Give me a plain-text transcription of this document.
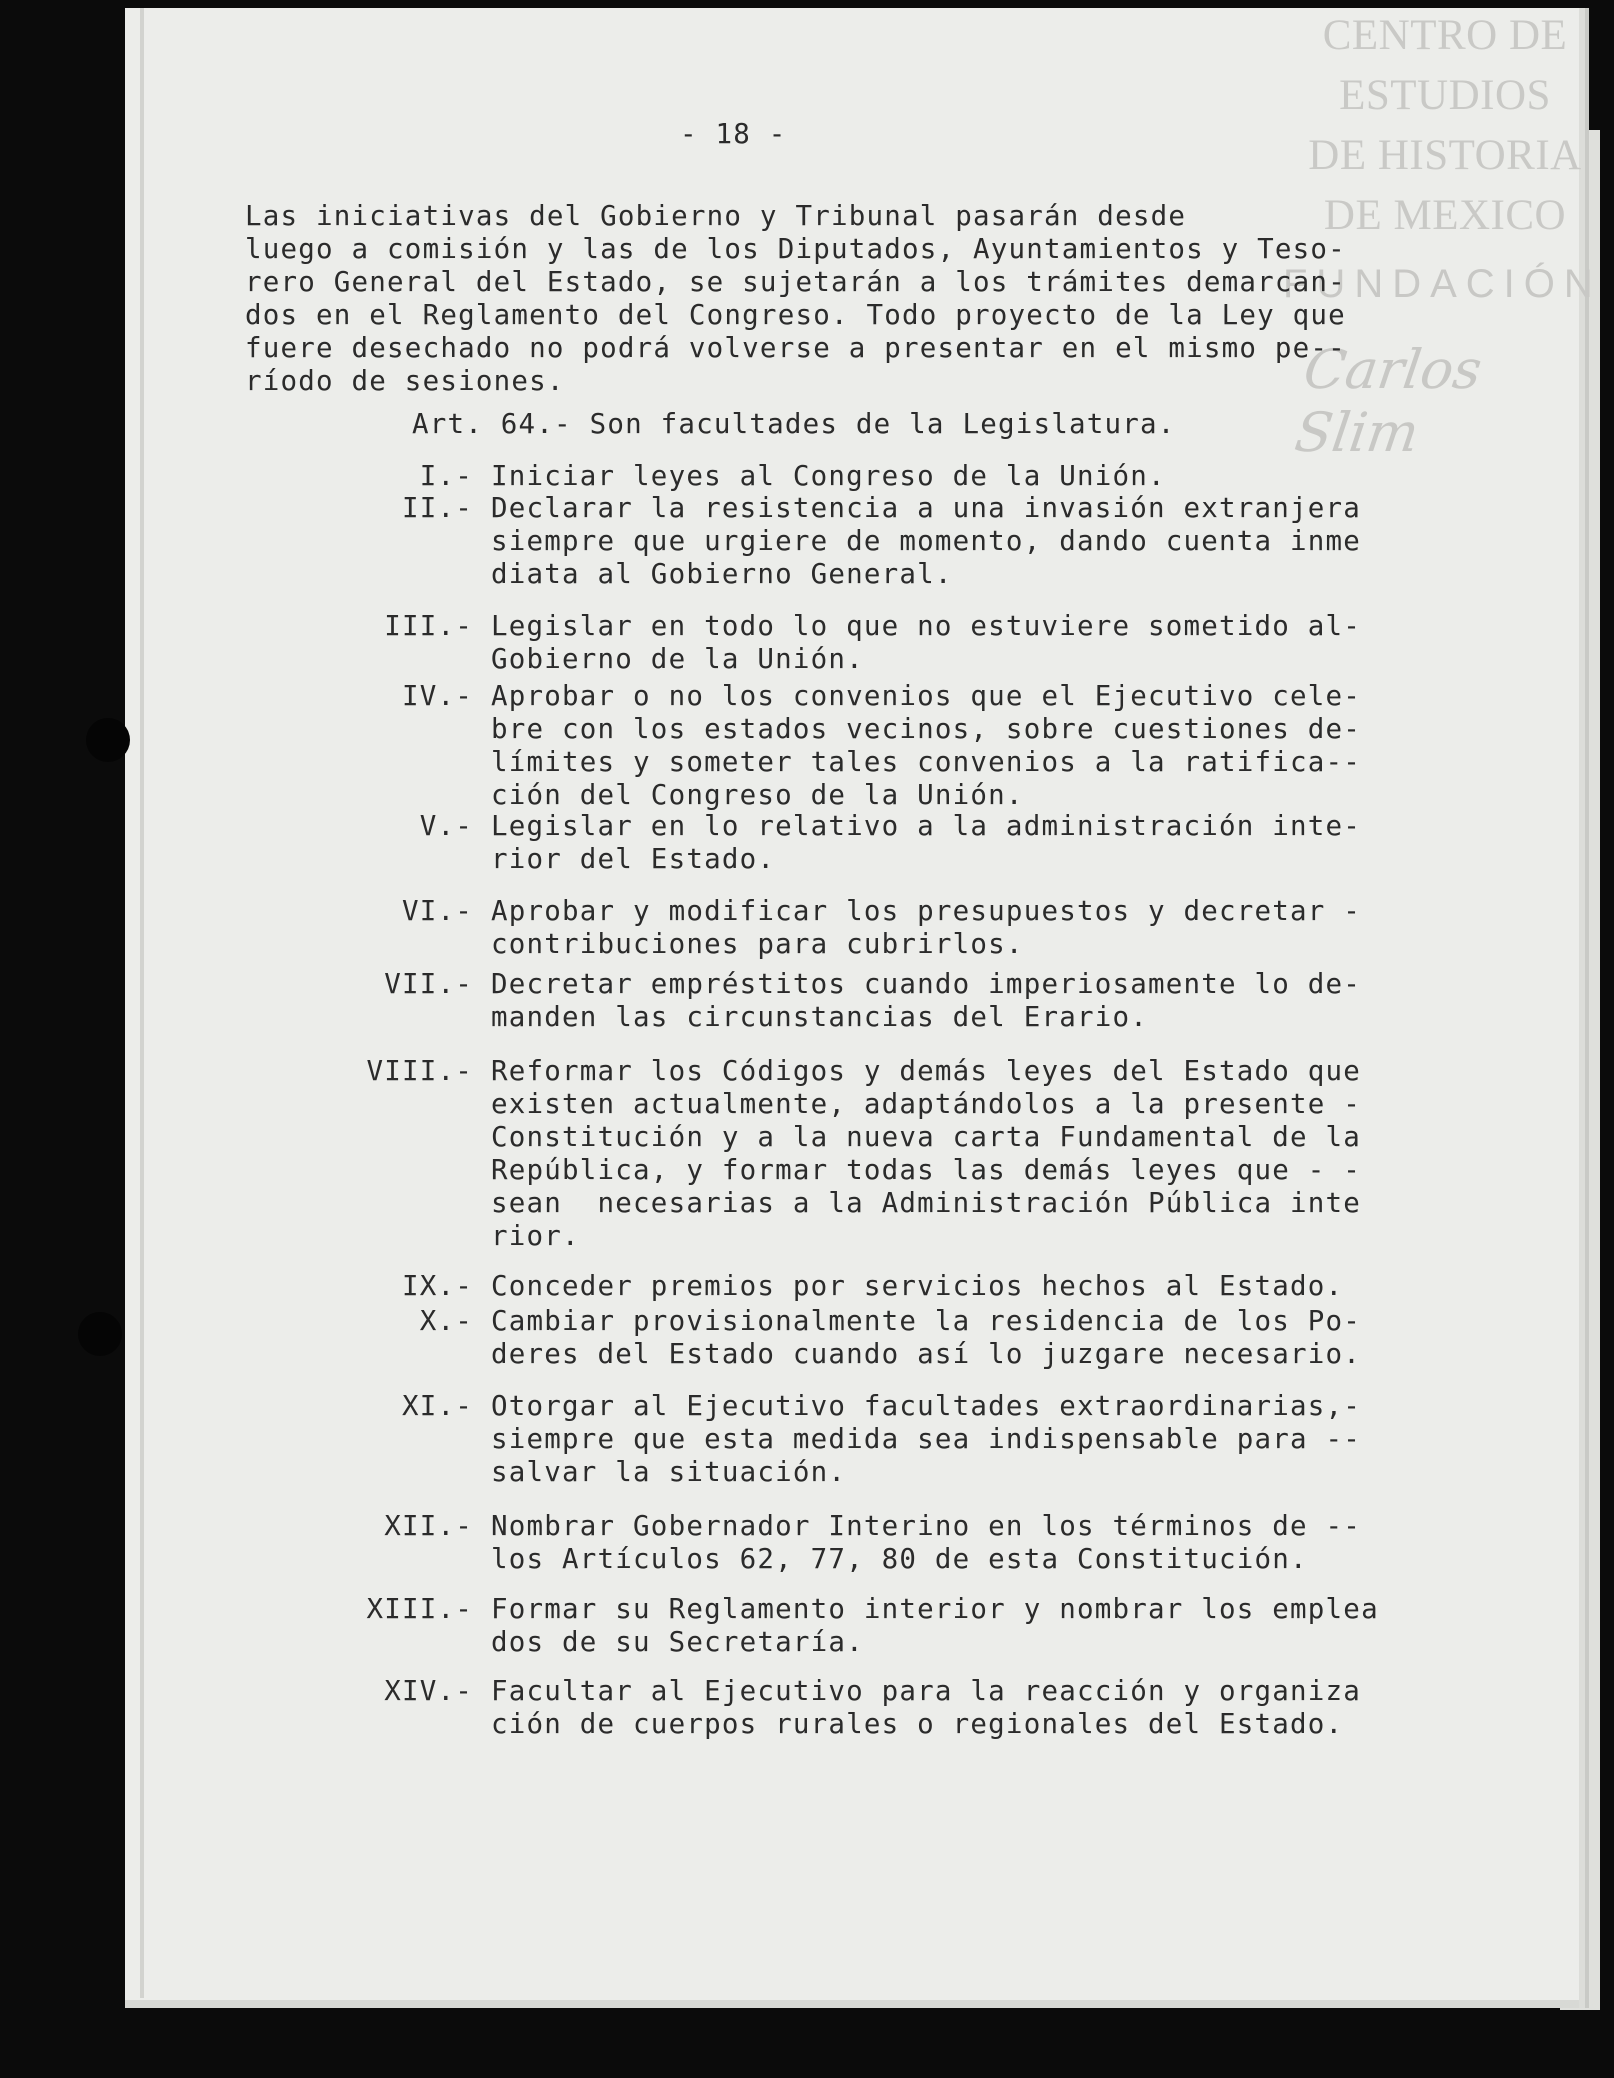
CENTRO DE
ESTUDIOS
DE HISTORIA
DE MEXICO
FUNDACIÓN
Carlos Slim
- 18 -
Las iniciativas del Gobierno y Tribunal pasarán desde
luego a comisión y las de los Diputados, Ayuntamientos y Teso-
rero General del Estado, se sujetarán a los trámites demarcan-
dos en el Reglamento del Congreso. Todo proyecto de la Ley que
fuere desechado no podrá volverse a presentar en el mismo pe--
ríodo de sesiones.
Art. 64.- Son facultades de la Legislatura.
I.- Iniciar leyes al Congreso de la Unión.
II.- Declarar la resistencia a una invasión extranjera
siempre que urgiere de momento, dando cuenta inme
diata al Gobierno General.
III.- Legislar en todo lo que no estuviere sometido al-
Gobierno de la Unión.
IV.- Aprobar o no los convenios que el Ejecutivo cele-
bre con los estados vecinos, sobre cuestiones de-
límites y someter tales convenios a la ratifica--
ción del Congreso de la Unión.
V.- Legislar en lo relativo a la administración inte-
rior del Estado.
VI.- Aprobar y modificar los presupuestos y decretar -
contribuciones para cubrirlos.
VII.- Decretar empréstitos cuando imperiosamente lo de-
manden las circunstancias del Erario.
VIII.- Reformar los Códigos y demás leyes del Estado que
existen actualmente, adaptándolos a la presente -
Constitución y a la nueva carta Fundamental de la
República, y formar todas las demás leyes que - -
sean  necesarias a la Administración Pública inte
rior.
IX.- Conceder premios por servicios hechos al Estado.
X.- Cambiar provisionalmente la residencia de los Po-
deres del Estado cuando así lo juzgare necesario.
XI.- Otorgar al Ejecutivo facultades extraordinarias,-
siempre que esta medida sea indispensable para --
salvar la situación.
XII.- Nombrar Gobernador Interino en los términos de --
los Artículos 62, 77, 80 de esta Constitución.
XIII.- Formar su Reglamento interior y nombrar los emplea
dos de su Secretaría.
XIV.- Facultar al Ejecutivo para la reacción y organiza
ción de cuerpos rurales o regionales del Estado.
